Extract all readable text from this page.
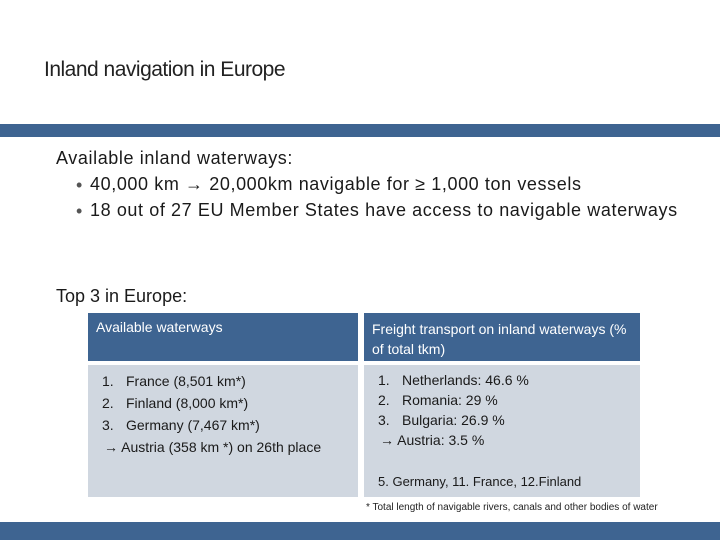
Inland navigation in Europe
Available inland waterways:
• 40,000 km → 20,000km navigable for ≥ 1,000 ton vessels
• 18 out of 27 EU Member States have access to navigable waterways
Top 3 in Europe:
Available waterways	Freight transport on inland waterways (% of total tkm)
1. France (8,501 km*)
2. Finland (8,000 km*)
3. Germany (7,467 km*)
→ Austria (358 km *) on 26th place
1. Netherlands: 46.6 %
2. Romania: 29 %
3. Bulgaria: 26.9 %
→ Austria: 3.5 %
5. Germany, 11. France, 12.Finland
* Total length of navigable rivers, canals and other bodies of water
